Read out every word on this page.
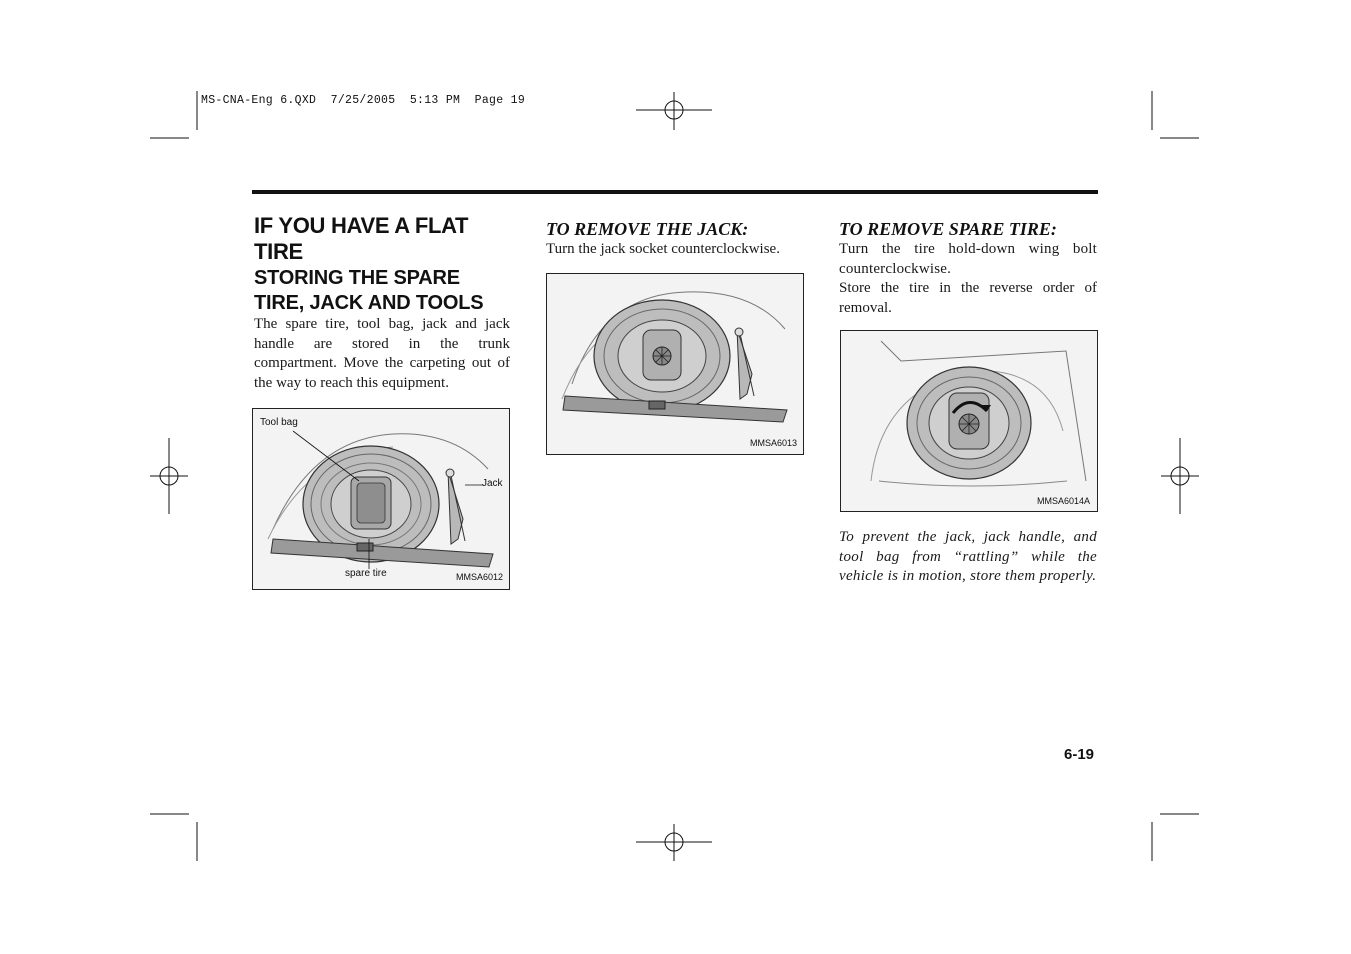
MS-CNA-Eng 6.QXD  7/25/2005  5:13 PM  Page 19
IF YOU HAVE A FLAT TIRE
STORING THE SPARE TIRE, JACK AND TOOLS
The spare tire, tool bag, jack and jack handle are stored in the trunk compartment. Move the carpeting out of the way to reach this equipment.
Tool bag
Jack
spare tire	MMSA6012
TO REMOVE THE JACK:
Turn the jack socket counterclockwise.
MMSA6013
TO REMOVE SPARE TIRE:
Turn the tire hold-down wing bolt counterclockwise.
Store the tire in the reverse order of removal.
MMSA6014A
To prevent the jack, jack handle, and tool bag from “rattling” while the vehicle is in motion, store them properly.
6-19
